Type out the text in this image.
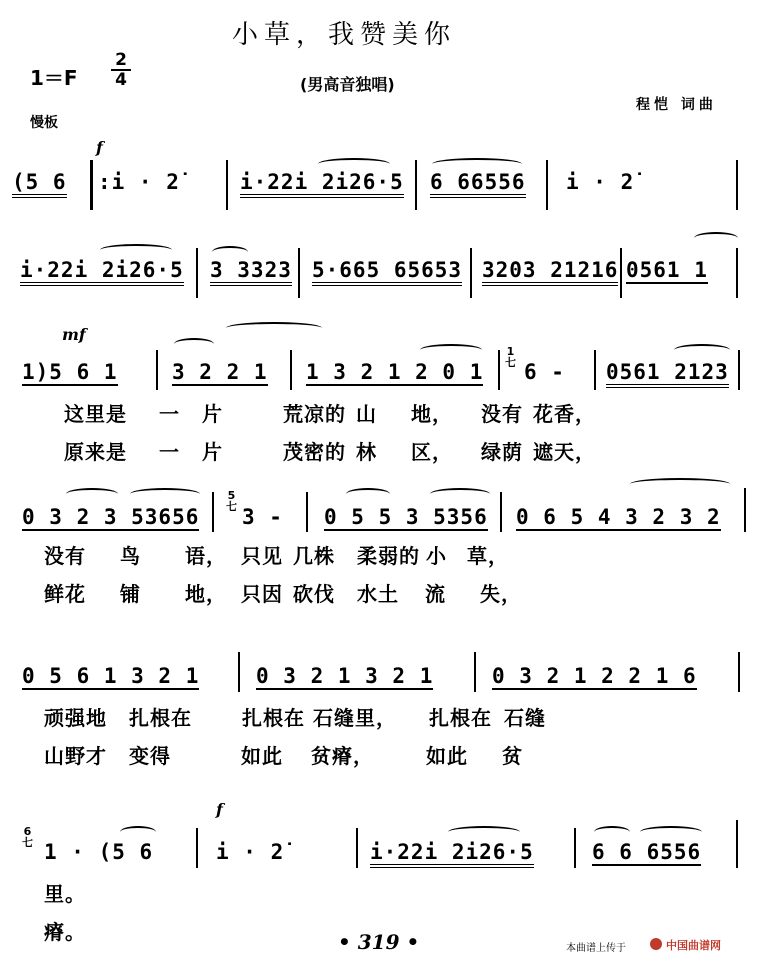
小草，我赞美你
1＝F
2
4	(男高音独唱)
程恺 词曲
慢板
f
(5 6 :i · 2̇	i·22i 2i26·5 6 66556 i · 2̇
i·22i 2i26·5 3 3323 5·665 65653 3203 21216 0561 1
mf
1)5 6 1	3 2 2 1 1 3 2 1 2 0 1
1
七 6 - 0561 2123
这里是 一 片	荒凉的 山 地， 没有 花香，
原来是 一 片	茂密的 林 区， 绿荫 遮天，
0 3 2 3 53656
5
七 3 - 0 5 5 3 5356 0 6 5 4 3 2 3 2
没有 鸟 语， 只见 几株 柔弱的 小 草，
鲜花 铺 地， 只因 砍伐 水土 流 失，
0 5 6 1 3 2 1	0 3 2 1 3 2 1	0 3 2 1 2 2 1 6
顽强地 扎根在	扎根在 石缝里， 扎根在 石缝
山野才 变得	如此 贫瘠，	如此 贫
f
6
七 1 · (5 6	i · 2̇	i·22i 2i26·5	6 6 6556
里。
瘠。	• 319 •	本曲谱上传于	中国曲谱网
